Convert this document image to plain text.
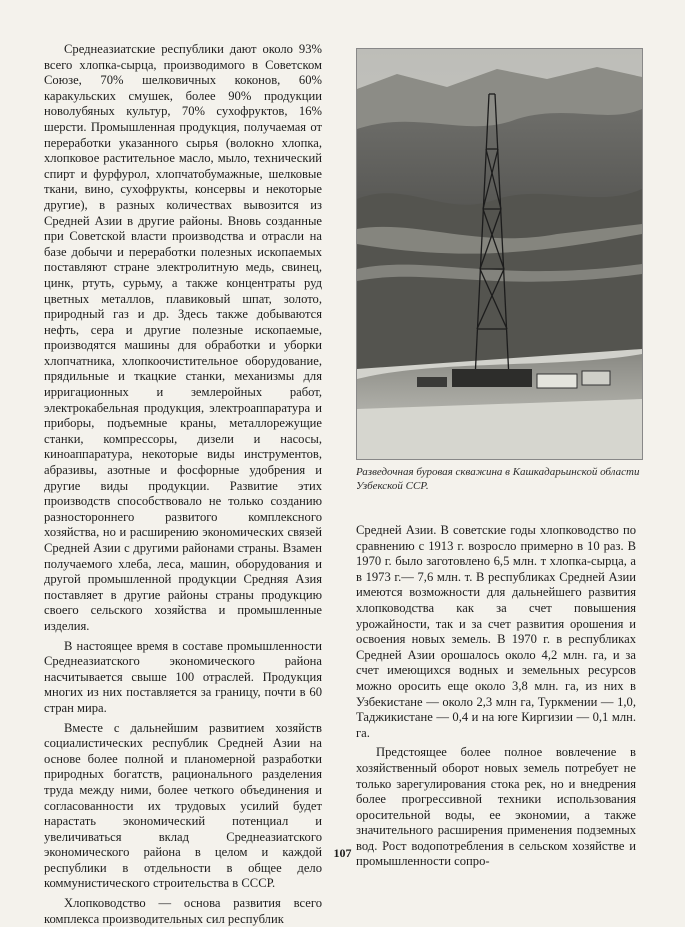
Среднеазиатские республики дают около 93% всего хлопка-сырца, производимого в Советском Союзе, 70% шелковичных коконов, 60% каракульских смушек, более 90% продукции новолубяных культур, 70% сухофруктов, 16% шерсти. Промышленная продукция, получаемая от переработки указанного сырья (волокно хлопка, хлопковое растительное масло, мыло, технический спирт и фурфурол, хлопчатобумажные, шелковые ткани, вино, сухофрукты, консервы и некоторые другие), в разных количествах вывозится из Средней Азии в другие районы. Вновь созданные при Советской власти производства и отрасли на базе добычи и переработки полезных ископаемых поставляют стране электролитную медь, свинец, цинк, ртуть, сурьму, а также концентраты руд цветных металлов, плавиковый шпат, золото, природный газ и др. Здесь также добываются нефть, сера и другие полезные ископаемые, производятся машины для обработки и уборки хлопчатника, хлопкоочистительное оборудование, прядильные и ткацкие станки, механизмы для ирригационных и землеройных работ, электрокабельная продукция, электроаппаратура и приборы, подъемные краны, металлорежущие станки, компрессоры, дизели и насосы, киноаппаратура, некоторые виды инструментов, абразивы, азотные и фосфорные удобрения и другие виды продукции. Развитие этих производств способствовало не только созданию разностороннего развитого комплексного хозяйства, но и расширению экономических связей Средней Азии с другими районами страны. Взамен получаемого хлеба, леса, машин, оборудования и другой промышленной продукции Средняя Азия поставляет в другие районы страны продукцию своего сельского хозяйства и промышленные изделия.

В настоящее время в составе промышленности Среднеазиатского экономического района насчитывается свыше 100 отраслей. Продукция многих из них поставляется за границу, почти в 60 стран мира.

Вместе с дальнейшим развитием хозяйств социалистических республик Средней Азии на основе более полной и планомерной разработки природных богатств, рационального разделения труда между ними, более четкого объединения и согласованности их трудовых усилий будет нарастать экономический потенциал и увеличиваться вклад Среднеазиатского экономического района в целом и каждой республики в отдельности в общее дело коммунистического строительства в СССР.

Хлопководство — основа развития всего комплекса производительных сил республик

Разведочная буровая скважина в Кашкадарьинской области Узбекской ССР.

Средней Азии. В советские годы хлопководство по сравнению с 1913 г. возросло примерно в 10 раз. В 1970 г. было заготовлено 6,5 млн. т хлопка-сырца, а в 1973 г.— 7,6 млн. т. В республиках Средней Азии имеются возможности для дальнейшего развития хлопководства как за счет повышения урожайности, так и за счет развития орошения и освоения новых земель. В 1970 г. в республиках Средней Азии орошалось около 4,2 млн. га, и за счет имеющихся водных и земельных ресурсов можно оросить еще около 3,8 млн. га, из них в Узбекистане — около 2,3 млн га, Туркмении — 1,0, Таджикистане — 0,4 и на юге Киргизии — 0,1 млн. га.

Предстоящее более полное вовлечение в хозяйственный оборот новых земель потребует не только зарегулирования стока рек, но и внедрения более прогрессивной техники использования оросительной воды, ее экономии, а также значительного расширения применения подземных вод. Рост водопотребления в сельском хозяйстве и промышленности сопро-

107
